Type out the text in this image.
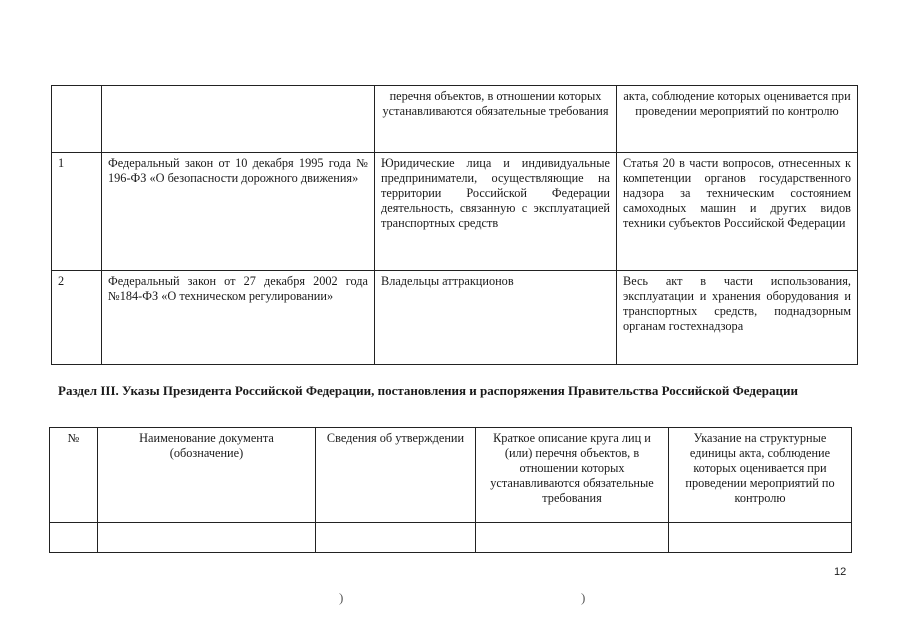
		перечня объектов, в отношении которых устанавливаются обязательные требования	акта, соблюдение которых оценивается при проведении мероприятий по контролю
1	Федеральный закон от 10 декабря 1995 года № 196-ФЗ «О безопасности дорожного движения»	Юридические лица и индивидуальные предприниматели, осуществляющие на территории Российской Федерации деятельность, связанную с эксплуатацией транспортных средств	Статья 20 в части вопросов, отнесенных к компетенции органов государственного надзора за техническим состоянием самоходных машин и других видов техники субъектов Российской Федерации
2	Федеральный закон от 27 декабря 2002 года №184-ФЗ «О техническом регулировании»	Владельцы аттракционов	Весь акт в части использования, эксплуатации и хранения оборудования и транспортных средств, поднадзорным органам гостехнадзора
Раздел III. Указы Президента Российской Федерации, постановления и распоряжения Правительства Российской Федерации
№	Наименование документа (обозначение)	Сведения об утверждении	Краткое описание круга лиц и (или) перечня объектов, в отношении которых устанавливаются обязательные требования	Указание на структурные единицы акта, соблюдение которых оценивается при проведении мероприятий по контролю

12
)	)
